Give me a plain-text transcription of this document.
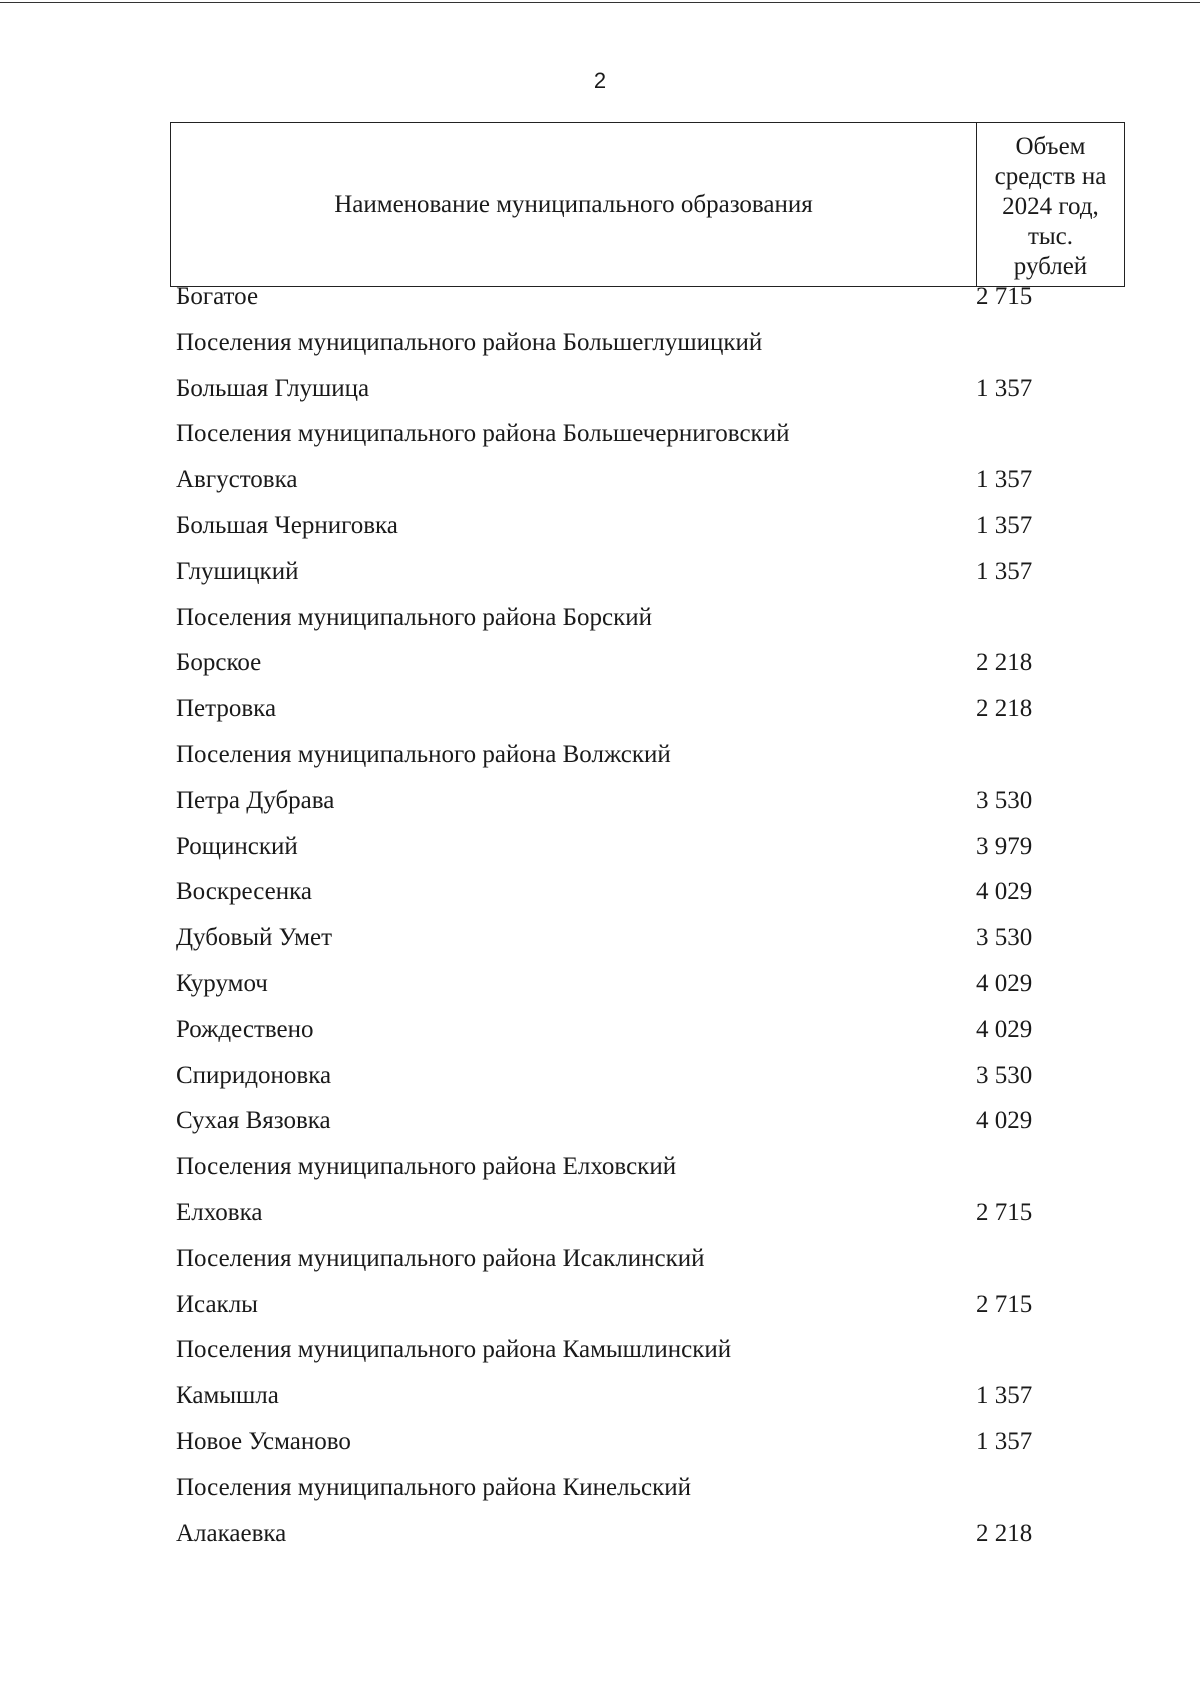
2
Наименование муниципального образования
Объем
средств на
2024 год,
тыс.
рублей
Богатое	2 715
Поселения муниципального района Большеглушицкий
Большая Глушица	1 357
Поселения муниципального района Большечерниговский
Августовка	1 357
Большая Черниговка	1 357
Глушицкий	1 357
Поселения муниципального района Борский
Борское	2 218
Петровка	2 218
Поселения муниципального района Волжский
Петра Дубрава	3 530
Рощинский	3 979
Воскресенка	4 029
Дубовый Умет	3 530
Курумоч	4 029
Рождествено	4 029
Спиридоновка	3 530
Сухая Вязовка	4 029
Поселения муниципального района Елховский
Елховка	2 715
Поселения муниципального района Исаклинский
Исаклы	2 715
Поселения муниципального района Камышлинский
Камышла	1 357
Новое Усманово	1 357
Поселения муниципального района Кинельский
Алакаевка	2 218
